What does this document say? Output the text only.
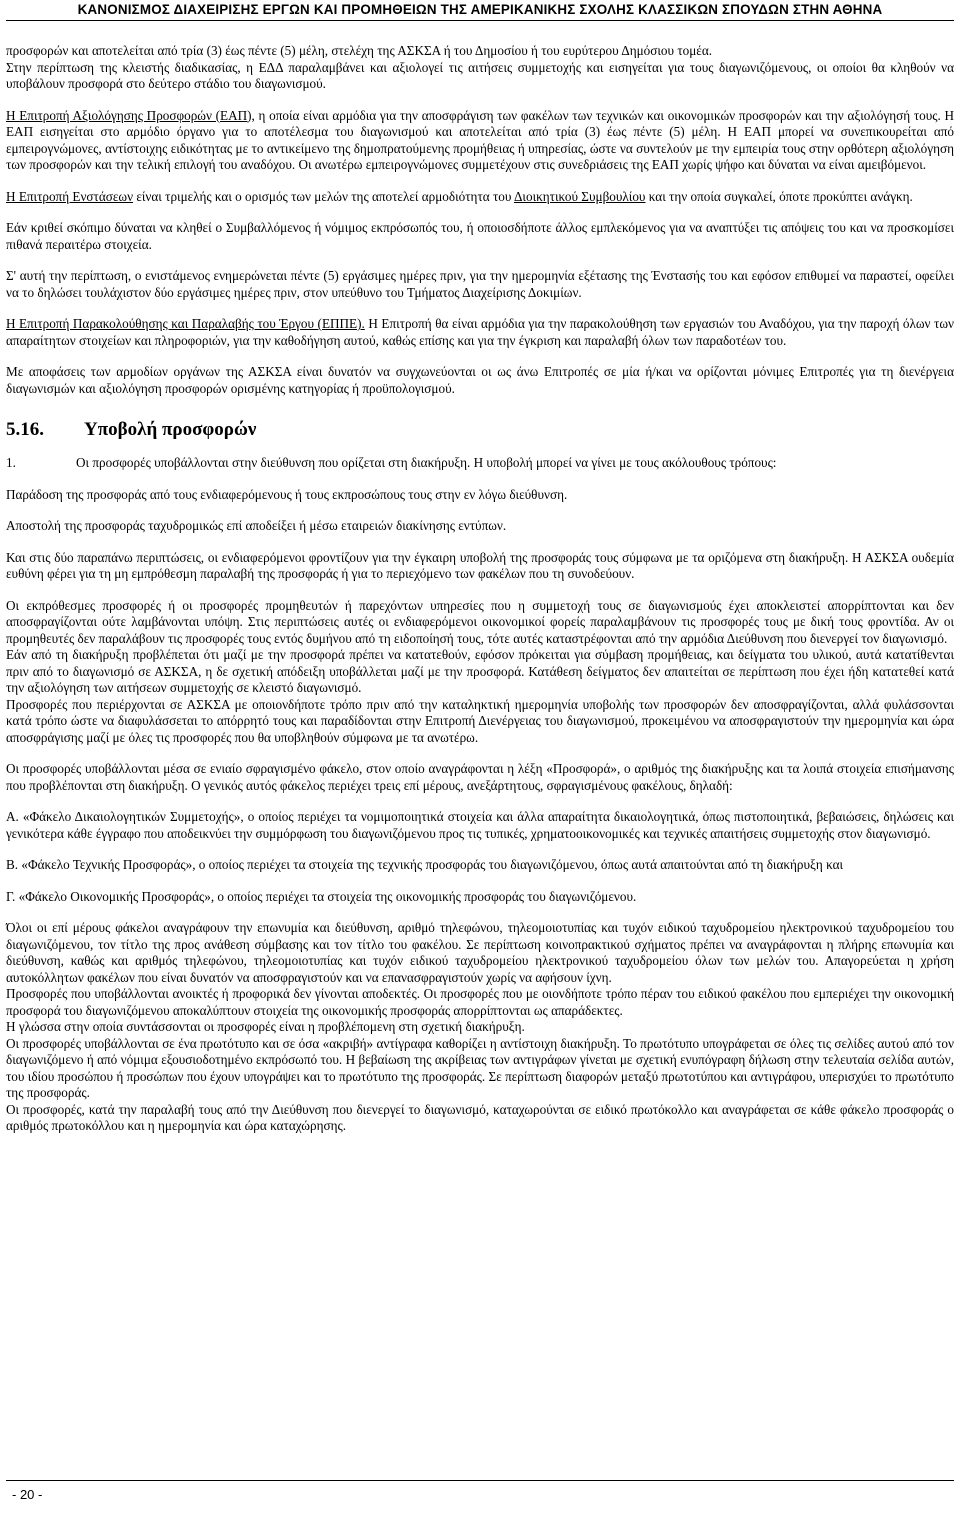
ΚΑΝΟΝΙΣΜΟΣ ΔΙΑΧΕΙΡΙΣΗΣ ΕΡΓΩΝ ΚΑΙ ΠΡΟΜΗΘΕΙΩΝ ΤΗΣ ΑΜΕΡΙΚΑΝΙΚΗΣ ΣΧΟΛΗΣ ΚΛΑΣΣΙΚΩΝ ΣΠΟΥΔΩΝ ΣΤΗΝ ΑΘΗΝΑ

προσφορών και αποτελείται από τρία (3) έως πέντε (5) μέλη, στελέχη της ΑΣΚΣΑ ή του Δημοσίου ή του ευρύτερου Δημόσιου τομέα.

Στην περίπτωση της κλειστής διαδικασίας, η ΕΔΔ παραλαμβάνει και αξιολογεί τις αιτήσεις συμμετοχής και εισηγείται για τους διαγωνιζόμενους, οι οποίοι θα κληθούν να υποβάλουν προσφορά στο δεύτερο στάδιο του διαγωνισμού.

Η Επιτροπή Αξιολόγησης Προσφορών (ΕΑΠ), η οποία είναι αρμόδια για την αποσφράγιση των φακέλων των τεχνικών και οικονομικών προσφορών και την αξιολόγησή τους. Η ΕΑΠ εισηγείται στο αρμόδιο όργανο για το αποτέλεσμα του διαγωνισμού και αποτελείται από τρία (3) έως πέντε (5) μέλη. Η ΕΑΠ μπορεί να συνεπικουρείται από εμπειρογνώμονες, αντίστοιχης ειδικότητας με το αντικείμενο της δημοπρατούμενης προμήθειας ή υπηρεσίας, ώστε να συντελούν με την εμπειρία τους στην ορθότερη αξιολόγηση των προσφορών και την τελική επιλογή του αναδόχου. Οι ανωτέρω εμπειρογνώμονες συμμετέχουν στις συνεδριάσεις της ΕΑΠ χωρίς ψήφο και δύναται να είναι αμειβόμενοι.

Η Επιτροπή Ενστάσεων είναι τριμελής και ο ορισμός των μελών της αποτελεί αρμοδιότητα του Διοικητικού Συμβουλίου και την οποία συγκαλεί, όποτε προκύπτει ανάγκη.

Εάν κριθεί σκόπιμο δύναται να κληθεί ο Συμβαλλόμενος ή νόμιμος εκπρόσωπός του, ή οποιοσδήποτε άλλος εμπλεκόμενος για να αναπτύξει τις απόψεις του και να προσκομίσει πιθανά περαιτέρω στοιχεία.

Σ' αυτή την περίπτωση, ο ενιστάμενος ενημερώνεται πέντε (5) εργάσιμες ημέρες πριν, για την ημερομηνία εξέτασης της Ένστασής του και εφόσον επιθυμεί να παραστεί, οφείλει να το δηλώσει τουλάχιστον δύο εργάσιμες ημέρες πριν, στον υπεύθυνο του Τμήματος Διαχείρισης Δοκιμίων.

Η Επιτροπή Παρακολούθησης και Παραλαβής του Έργου (ΕΠΠΕ). Η Επιτροπή θα είναι αρμόδια για την παρακολούθηση των εργασιών του Αναδόχου, για την παροχή όλων των απαραίτητων στοιχείων και πληροφοριών, για την καθοδήγηση αυτού, καθώς επίσης και για την έγκριση και παραλαβή όλων των παραδοτέων του.

Με αποφάσεις των αρμοδίων οργάνων της ΑΣΚΣΑ είναι δυνατόν να συγχωνεύονται οι ως άνω Επιτροπές σε μία ή/και να ορίζονται μόνιμες Επιτροπές για τη διενέργεια διαγωνισμών και αξιολόγηση προσφορών ορισμένης κατηγορίας ή προϋπολογισμού.

5.16. Υποβολή προσφορών

1.	Οι προσφορές υποβάλλονται στην διεύθυνση που ορίζεται στη διακήρυξη. Η υποβολή μπορεί να γίνει με τους ακόλουθους τρόπους:

Παράδοση της προσφοράς από τους ενδιαφερόμενους ή τους εκπροσώπους τους στην εν λόγω διεύθυνση.

Αποστολή της προσφοράς ταχυδρομικώς επί αποδείξει ή μέσω εταιρειών διακίνησης εντύπων.

Και στις δύο παραπάνω περιπτώσεις, οι ενδιαφερόμενοι φροντίζουν για την έγκαιρη υποβολή της προσφοράς τους σύμφωνα με τα οριζόμενα στη διακήρυξη. Η ΑΣΚΣΑ ουδεμία ευθύνη φέρει για τη μη εμπρόθεσμη παραλαβή της προσφοράς ή για το περιεχόμενο των φακέλων που τη συνοδεύουν.

Οι εκπρόθεσμες προσφορές ή οι προσφορές προμηθευτών ή παρεχόντων υπηρεσίες που η συμμετοχή τους σε διαγωνισμούς έχει αποκλειστεί απορρίπτονται και δεν αποσφραγίζονται ούτε λαμβάνονται υπόψη. Στις περιπτώσεις αυτές οι ενδιαφερόμενοι οικονομικοί φορείς παραλαμβάνουν τις προσφορές τους με δική τους φροντίδα. Αν οι προμηθευτές δεν παραλάβουν τις προσφορές τους εντός δυμήνου από τη ειδοποίησή τους, τότε αυτές καταστρέφονται από την αρμόδια Διεύθυνση που διενεργεί τον διαγωνισμό.

Εάν από τη διακήρυξη προβλέπεται ότι μαζί με την προσφορά πρέπει να κατατεθούν, εφόσον πρόκειται για σύμβαση προμήθειας, και δείγματα του υλικού, αυτά κατατίθενται πριν από το διαγωνισμό σε ΑΣΚΣΑ, η δε σχετική απόδειξη υποβάλλεται μαζί με την προσφορά. Κατάθεση δείγματος δεν απαιτείται σε περίπτωση που έχει ήδη κατατεθεί κατά την αξιολόγηση των αιτήσεων συμμετοχής σε κλειστό διαγωνισμό.

Προσφορές που περιέρχονται σε ΑΣΚΣΑ με οποιονδήποτε τρόπο πριν από την καταληκτική ημερομηνία υποβολής των προσφορών δεν αποσφραγίζονται, αλλά φυλάσσονται κατά τρόπο ώστε να διαφυλάσσεται το απόρρητό τους και παραδίδονται στην Επιτροπή Διενέργειας του διαγωνισμού, προκειμένου να αποσφραγιστούν την ημερομηνία και ώρα αποσφράγισης μαζί με όλες τις προσφορές που θα υποβληθούν σύμφωνα με τα ανωτέρω.

Οι προσφορές υποβάλλονται μέσα σε ενιαίο σφραγισμένο φάκελο, στον οποίο αναγράφονται η λέξη «Προσφορά», ο αριθμός της διακήρυξης και τα λοιπά στοιχεία επισήμανσης που προβλέπονται στη διακήρυξη. Ο γενικός αυτός φάκελος περιέχει τρεις επί μέρους, ανεξάρτητους, σφραγισμένους φακέλους, δηλαδή:

Α. «Φάκελο Δικαιολογητικών Συμμετοχής», ο οποίος περιέχει τα νομιμοποιητικά στοιχεία και άλλα απαραίτητα δικαιολογητικά, όπως πιστοποιητικά, βεβαιώσεις, δηλώσεις και γενικότερα κάθε έγγραφο που αποδεικνύει την συμμόρφωση του διαγωνιζόμενου προς τις τυπικές, χρηματοοικονομικές και τεχνικές απαιτήσεις συμμετοχής στον διαγωνισμό.

Β. «Φάκελο Τεχνικής Προσφοράς», ο οποίος περιέχει τα στοιχεία της τεχνικής προσφοράς του διαγωνιζόμενου, όπως αυτά απαιτούνται από τη διακήρυξη και

Γ. «Φάκελο Οικονομικής Προσφοράς», ο οποίος περιέχει τα στοιχεία της οικονομικής προσφοράς του διαγωνιζόμενου.

Όλοι οι επί μέρους φάκελοι αναγράφουν την επωνυμία και διεύθυνση, αριθμό τηλεφώνου, τηλεομοιοτυπίας και τυχόν ειδικού ταχυδρομείου ηλεκτρονικού ταχυδρομείου του διαγωνιζόμενου, τον τίτλο της προς ανάθεση σύμβασης και τον τίτλο του φακέλου. Σε περίπτωση κοινοπρακτικού σχήματος πρέπει να αναγράφονται η πλήρης επωνυμία και διεύθυνση, καθώς και αριθμός τηλεφώνου, τηλεομοιοτυπίας και τυχόν ειδικού ταχυδρομείου ηλεκτρονικού ταχυδρομείου όλων των μελών του. Απαγορεύεται η χρήση αυτοκόλλητων φακέλων που είναι δυνατόν να αποσφραγιστούν και να επανασφραγιστούν χωρίς να αφήσουν ίχνη.

Προσφορές που υποβάλλονται ανοικτές ή προφορικά δεν γίνονται αποδεκτές. Οι προσφορές που με οιονδήποτε τρόπο πέραν του ειδικού φακέλου που εμπεριέχει την οικονομική προσφορά του διαγωνιζόμενου αποκαλύπτουν στοιχεία της οικονομικής προσφοράς απορρίπτονται ως απαράδεκτες.

Η γλώσσα στην οποία συντάσσονται οι προσφορές είναι η προβλέπομενη στη σχετική διακήρυξη.

Οι προσφορές υποβάλλονται σε ένα πρωτότυπο και σε όσα «ακριβή» αντίγραφα καθορίζει η αντίστοιχη διακήρυξη. Το πρωτότυπο υπογράφεται σε όλες τις σελίδες αυτού από τον διαγωνιζόμενο ή από νόμιμα εξουσιοδοτημένο εκπρόσωπό του. Η βεβαίωση της ακρίβειας των αντιγράφων γίνεται με σχετική ενυπόγραφη δήλωση στην τελευταία σελίδα αυτών, του ιδίου προσώπου ή προσώπων που έχουν υπογράψει και το πρωτότυπο της προσφοράς. Σε περίπτωση διαφορών μεταξύ πρωτοτύπου και αντιγράφου, υπερισχύει το πρωτότυπο της προσφοράς.

Οι προσφορές, κατά την παραλαβή τους από την Διεύθυνση που διενεργεί το διαγωνισμό, καταχωρούνται σε ειδικό πρωτόκολλο και αναγράφεται σε κάθε φάκελο προσφοράς ο αριθμός πρωτοκόλλου και η ημερομηνία και ώρα καταχώρησης.

- 20 -
